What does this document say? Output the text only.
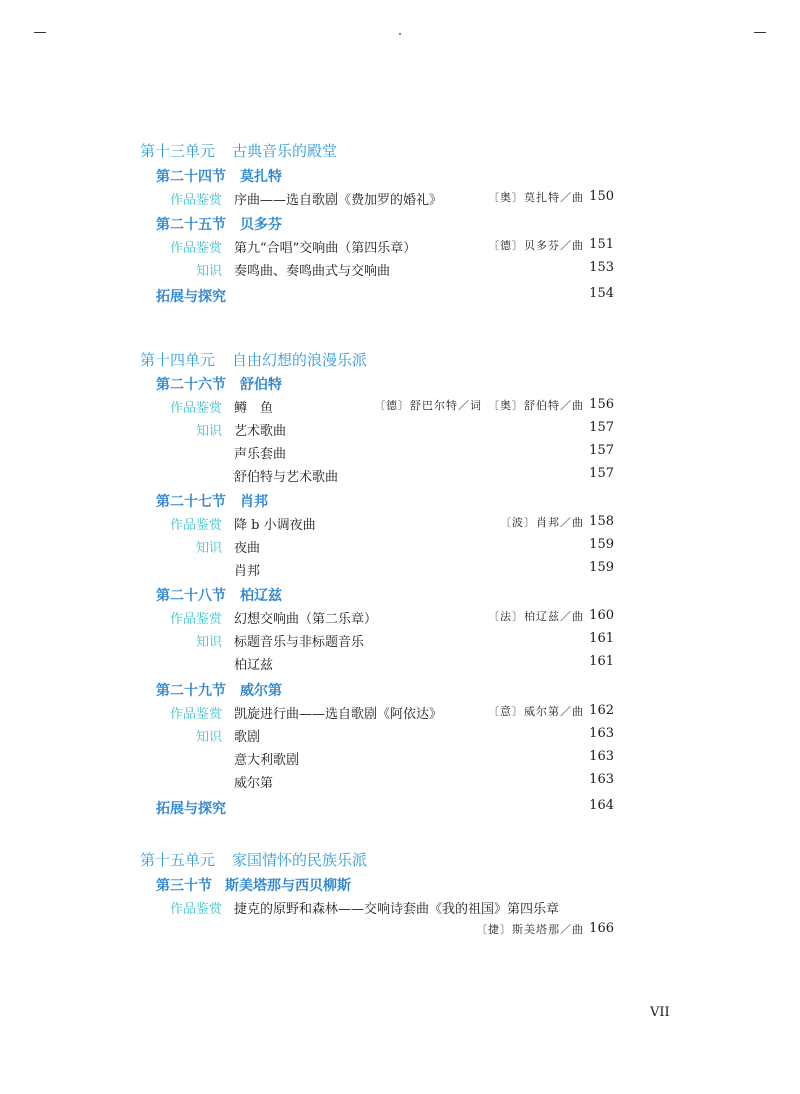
第十三单元 古典音乐的殿堂
第二十四节 莫扎特
作品鉴赏 序曲——选自歌剧《费加罗的婚礼》	〔奥〕莫扎特／曲 150
第二十五节 贝多芬
作品鉴赏 第九“合唱”交响曲（第四乐章）	〔德〕贝多芬／曲 151
知识 奏鸣曲、奏鸣曲式与交响曲	153
拓展与探究	154
第十四单元 自由幻想的浪漫乐派
第二十六节 舒伯特
作品鉴赏 鳟　鱼	〔德〕舒巴尔特／词 〔奥〕舒伯特／曲 156
知识 艺术歌曲	157
声乐套曲	157
舒伯特与艺术歌曲	157
第二十七节 肖邦
作品鉴赏 降 b 小调夜曲	〔波〕肖邦／曲 158
知识 夜曲	159
肖邦	159
第二十八节 柏辽兹
作品鉴赏 幻想交响曲（第二乐章）	〔法〕柏辽兹／曲 160
知识 标题音乐与非标题音乐	161
柏辽兹	161
第二十九节 威尔第
作品鉴赏 凯旋进行曲——选自歌剧《阿依达》	〔意〕威尔第／曲 162
知识 歌剧	163
意大利歌剧	163
威尔第	163
拓展与探究	164
第十五单元 家国情怀的民族乐派
第三十节 斯美塔那与西贝柳斯
作品鉴赏 捷克的原野和森林——交响诗套曲《我的祖国》第四乐章
〔捷〕斯美塔那／曲 166
VII
